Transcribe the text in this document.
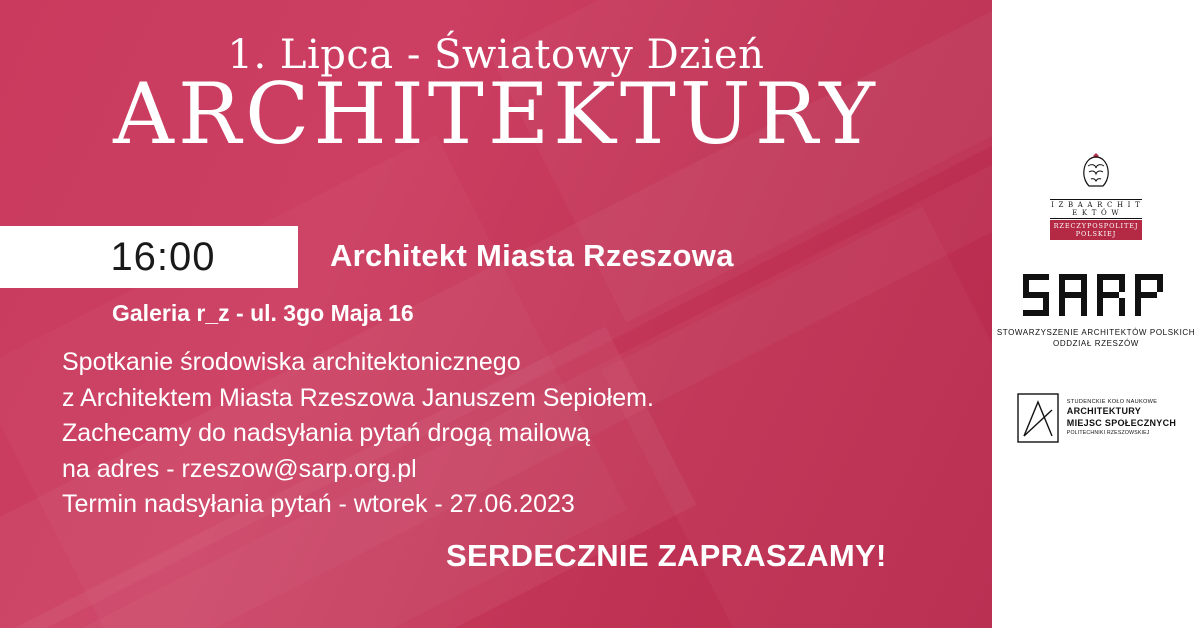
1. Lipca - Światowy Dzień
ARCHITEKTURY
16:00	Architekt Miasta Rzeszowa
Galeria r_z - ul. 3go Maja 16

Spotkanie środowiska architektonicznego

z Architektem Miasta Rzeszowa Januszem Sepiołem.

Zachecamy do nadsyłania pytań drogą mailową

na adres - rzeszow@sarp.org.pl

Termin nadsyłania pytań - wtorek - 27.06.2023

SERDECZNIE ZAPRASZAMY!
I Z B A A R C H I T E K T Ó W
RZECZYPOSPOLITEJ POLSKIEJ
STOWARZYSZENIE ARCHITEKTÓW POLSKICH
ODDZIAŁ RZESZÓW
STUDENCKIE KOŁO NAUKOWE
ARCHITEKTURY
MIEJSC SPOŁECZNYCH
POLITECHNIKI RZESZOWSKIEJ
